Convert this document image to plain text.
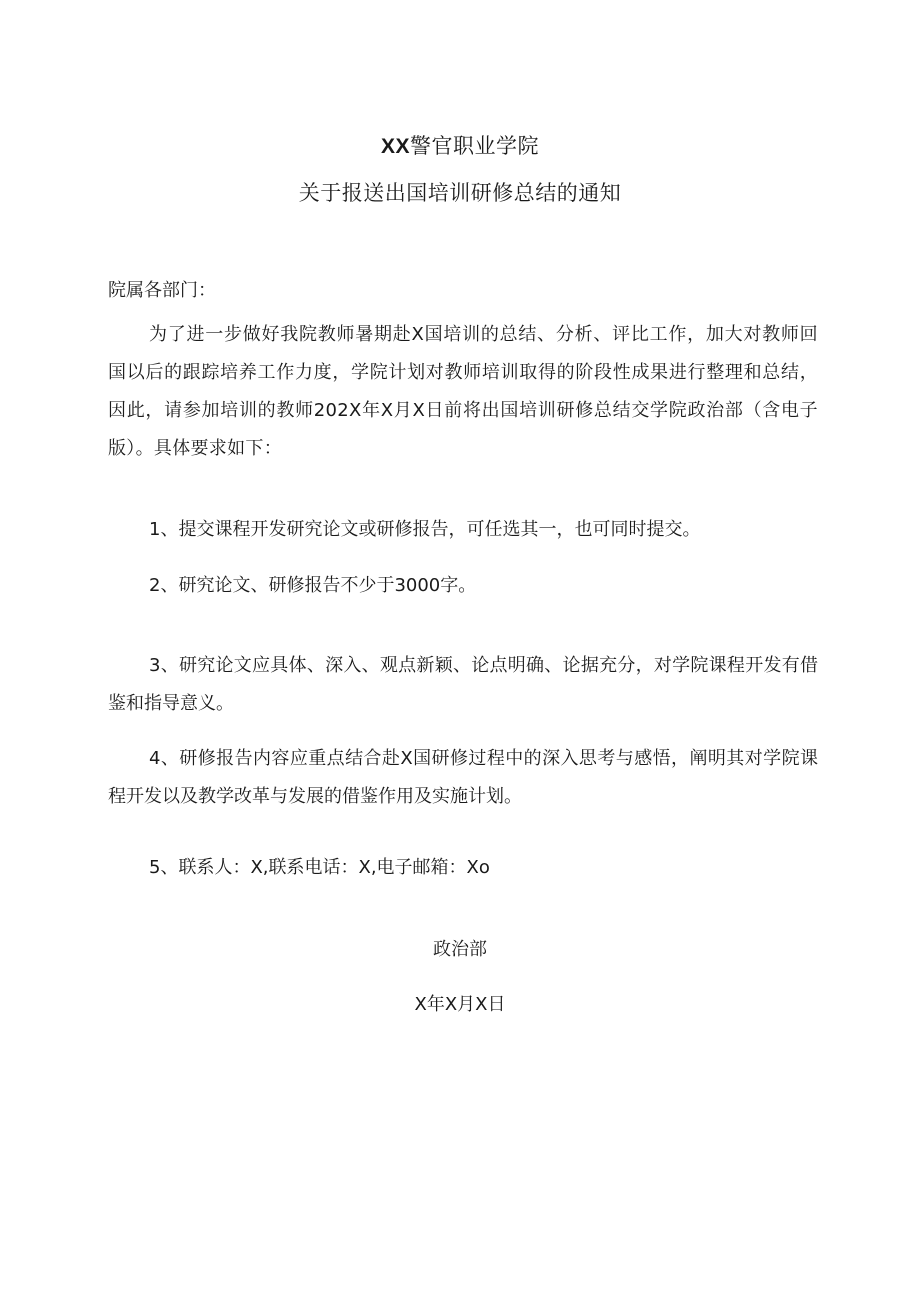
XX警官职业学院
关于报送出国培训研修总结的通知
院属各部门：
为了进一步做好我院教师暑期赴X国培训的总结、分析、评比工作，加大对教师回国以后的跟踪培养工作力度，学院计划对教师培训取得的阶段性成果进行整理和总结，因此，请参加培训的教师202X年X月X日前将出国培训研修总结交学院政治部（含电子版）。具体要求如下：
1、提交课程开发研究论文或研修报告，可任选其一，也可同时提交。
2、研究论文、研修报告不少于3000字。
3、研究论文应具体、深入、观点新颖、论点明确、论据充分，对学院课程开发有借鉴和指导意义。
4、研修报告内容应重点结合赴X国研修过程中的深入思考与感悟，阐明其对学院课程开发以及教学改革与发展的借鉴作用及实施计划。
5、联系人：X,联系电话：X,电子邮箱：Xo
政治部
X年X月X日
